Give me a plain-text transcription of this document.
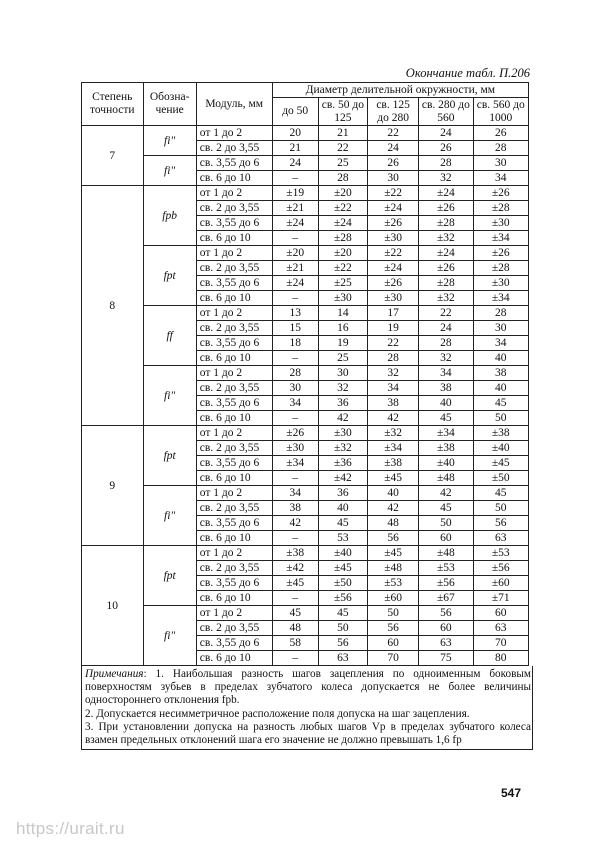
Окончание табл. П.206
Степень точности	Обозна-чение	Модуль, мм	Диаметр делительной окружности, мм				
			до 50	св. 50 до 125	св. 125 до 280	св. 280 до 560	св. 560 до 1000
7	fi"	от 1 до 2	20	21	22	24	26
		св. 2 до 3,55	21	22	24	26	28
	fi"	св. 3,55 до 6	24	25	26	28	30
		св. 6 до 10	–	28	30	32	34
8	fpb	от 1 до 2	±19	±20	±22	±24	±26
		св. 2 до 3,55	±21	±22	±24	±26	±28
		св. 3,55 до 6	±24	±24	±26	±28	±30
		св. 6 до 10	–	±28	±30	±32	±34
	fpt	от 1 до 2	±20	±20	±22	±24	±26
		св. 2 до 3,55	±21	±22	±24	±26	±28
		св. 3,55 до 6	±24	±25	±26	±28	±30
		св. 6 до 10	–	±30	±30	±32	±34
	ff	от 1 до 2	13	14	17	22	28
		св. 2 до 3,55	15	16	19	24	30
		св. 3,55 до 6	18	19	22	28	34
		св. 6 до 10	–	25	28	32	40
	fi"	от 1 до 2	28	30	32	34	38
		св. 2 до 3,55	30	32	34	38	40
		св. 3,55 до 6	34	36	38	40	45
		св. 6 до 10	–	42	42	45	50
9	fpt	от 1 до 2	±26	±30	±32	±34	±38
		св. 2 до 3,55	±30	±32	±34	±38	±40
		св. 3,55 до 6	±34	±36	±38	±40	±45
		св. 6 до 10	–	±42	±45	±48	±50
	fi"	от 1 до 2	34	36	40	42	45
		св. 2 до 3,55	38	40	42	45	50
		св. 3,55 до 6	42	45	48	50	56
		св. 6 до 10	–	53	56	60	63
10	fpt	от 1 до 2	±38	±40	±45	±48	±53
		св. 2 до 3,55	±42	±45	±48	±53	±56
		св. 3,55 до 6	±45	±50	±53	±56	±60
		св. 6 до 10	–	±56	±60	±67	±71
	fi"	от 1 до 2	45	45	50	56	60
		св. 2 до 3,55	48	50	56	60	63
		св. 3,55 до 6	58	56	60	63	70
		св. 6 до 10	–	63	70	75	80

Примечания: 1. Наибольшая разность шагов зацепления по одноименным боковым поверхностям зубьев в пределах зубчатого колеса допускается не более величины одностороннего отклонения fpb.

2. Допускается несимметричное расположение поля допуска на шаг зацепления.

3. При установлении допуска на разность любых шагов Vp в пределах зубчатого колеса взамен предельных отклонений шага его значение не должно превышать 1,6 fp

547
https://urait.ru
